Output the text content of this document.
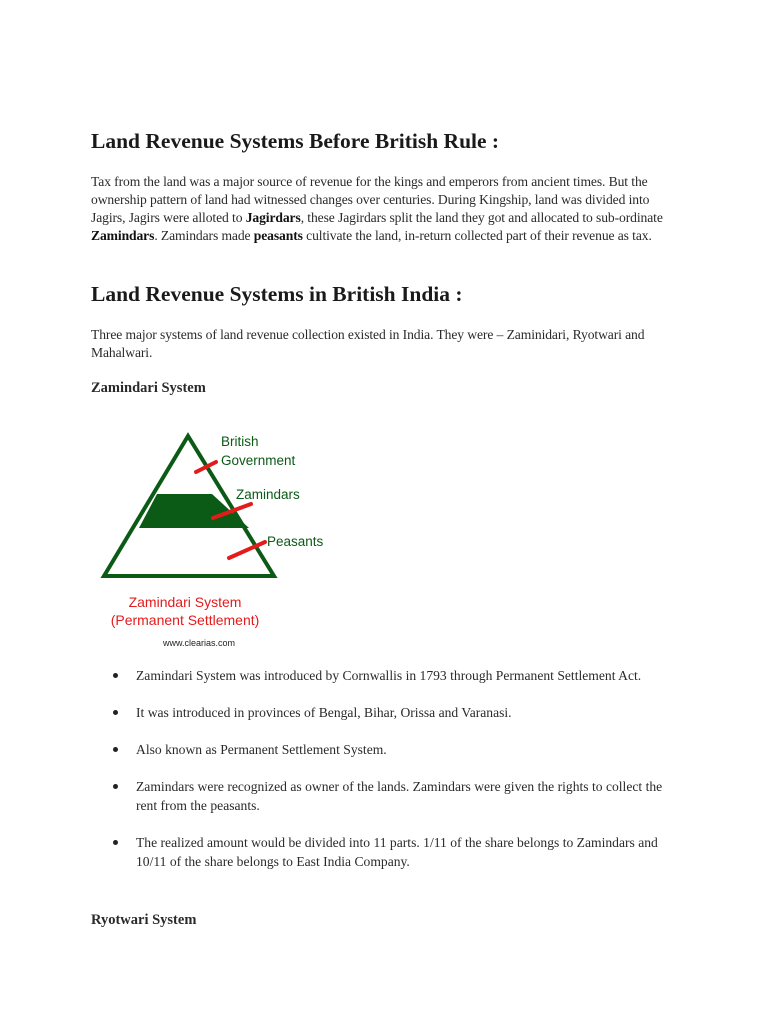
Land Revenue Systems Before British Rule :
Tax from the land was a major source of revenue for the kings and emperors from ancient times. But the ownership pattern of land had witnessed changes over centuries. During Kingship, land was divided into Jagirs, Jagirs were alloted to Jagirdars, these Jagirdars split the land they got and allocated to sub-ordinate Zamindars. Zamindars made peasants cultivate the land, in-return collected part of their revenue as tax.
Land Revenue Systems in British India :
Three major systems of land revenue collection existed in India. They were – Zaminidari, Ryotwari and Mahalwari.
Zamindari System
British
Government
Zamindars
Peasants
Zamindari System
(Permanent Settlement)
www.clearias.com
Zamindari System was introduced by Cornwallis in 1793 through Permanent Settlement Act.
It was introduced in provinces of Bengal, Bihar, Orissa and Varanasi.
Also known as Permanent Settlement System.
Zamindars were recognized as owner of the lands. Zamindars were given the rights to collect the rent from the peasants.
The realized amount would be divided into 11 parts. 1/11 of the share belongs to Zamindars and 10/11 of the share belongs to East India Company.
Ryotwari System
